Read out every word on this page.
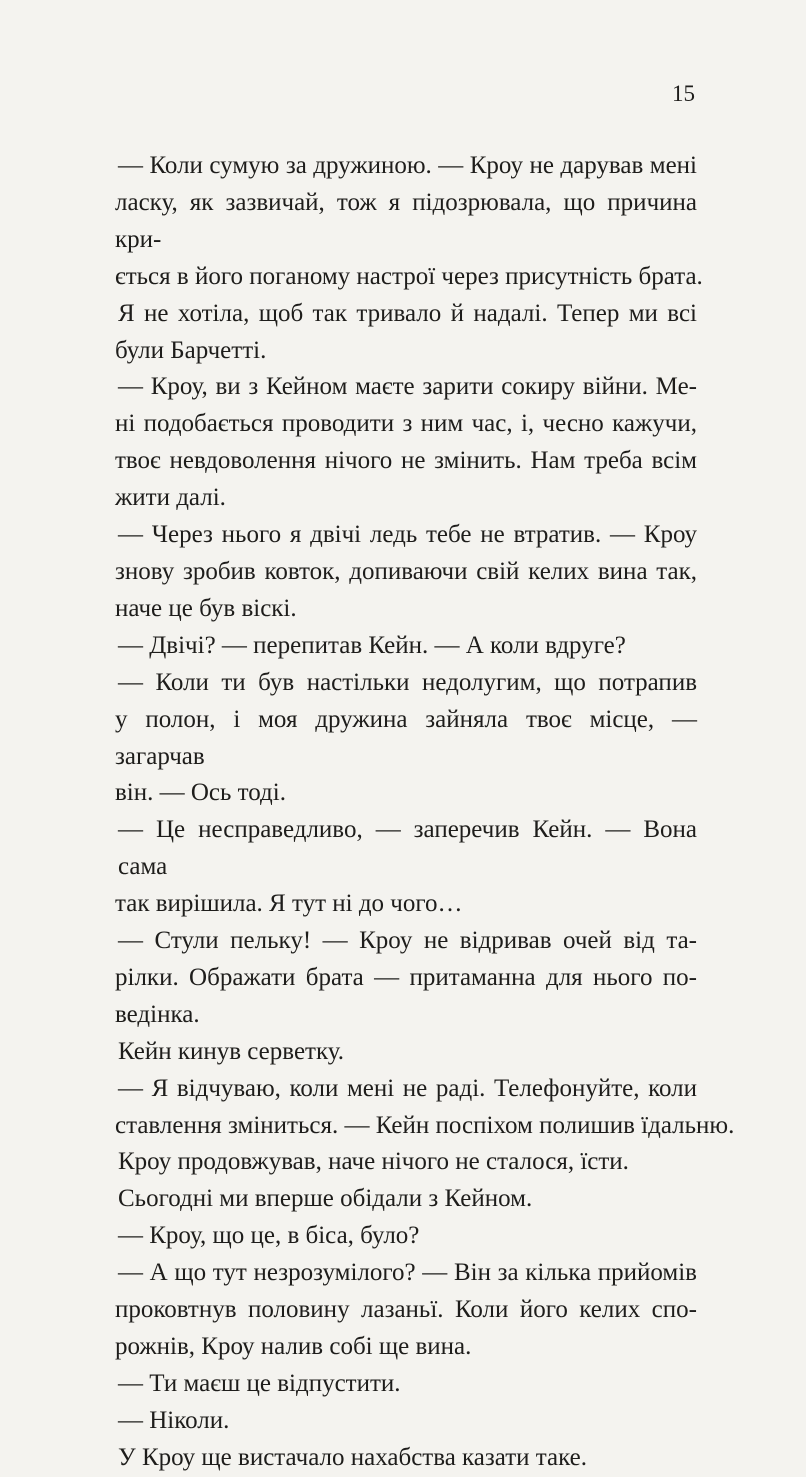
15

— Коли сумую за дружиною. — Кроу не дарував мені
ласку, як зазвичай, тож я підозрювала, що причина кри-
ється в його поганому настрої через присутність брата.

Я не хотіла, щоб так тривало й надалі. Тепер ми всі
були Барчетті.

— Кроу, ви з Кейном маєте зарити сокиру війни. Ме-
ні подобається проводити з ним час, і, чесно кажучи,
твоє невдоволення нічого не змінить. Нам треба всім
жити далі.

— Через нього я двічі ледь тебе не втратив. — Кроу
знову зробив ковток, допиваючи свій келих вина так,
наче це був віскі.

— Двічі? — перепитав Кейн. — А коли вдруге?

— Коли ти був настільки недолугим, що потрапив
у полон, і моя дружина зайняла твоє місце, — загарчав
він. — Ось тоді.

— Це несправедливо, — заперечив Кейн. — Вона сама
так вирішила. Я тут ні до чого…

— Стули пельку! — Кроу не відривав очей від та-
рілки. Ображати брата — притаманна для нього по-
ведінка.

Кейн кинув серветку.

— Я відчуваю, коли мені не раді. Телефонуйте, коли
ставлення зміниться. — Кейн поспіхом полишив їдальню.

Кроу продовжував, наче нічого не сталося, їсти.

Сьогодні ми вперше обідали з Кейном.

— Кроу, що це, в біса, було?

— А що тут незрозумілого? — Він за кілька прийомів
проковтнув половину лазаньї. Коли його келих спо-
рожнів, Кроу налив собі ще вина.

— Ти маєш це відпустити.

— Ніколи.

У Кроу ще вистачало нахабства казати таке.
